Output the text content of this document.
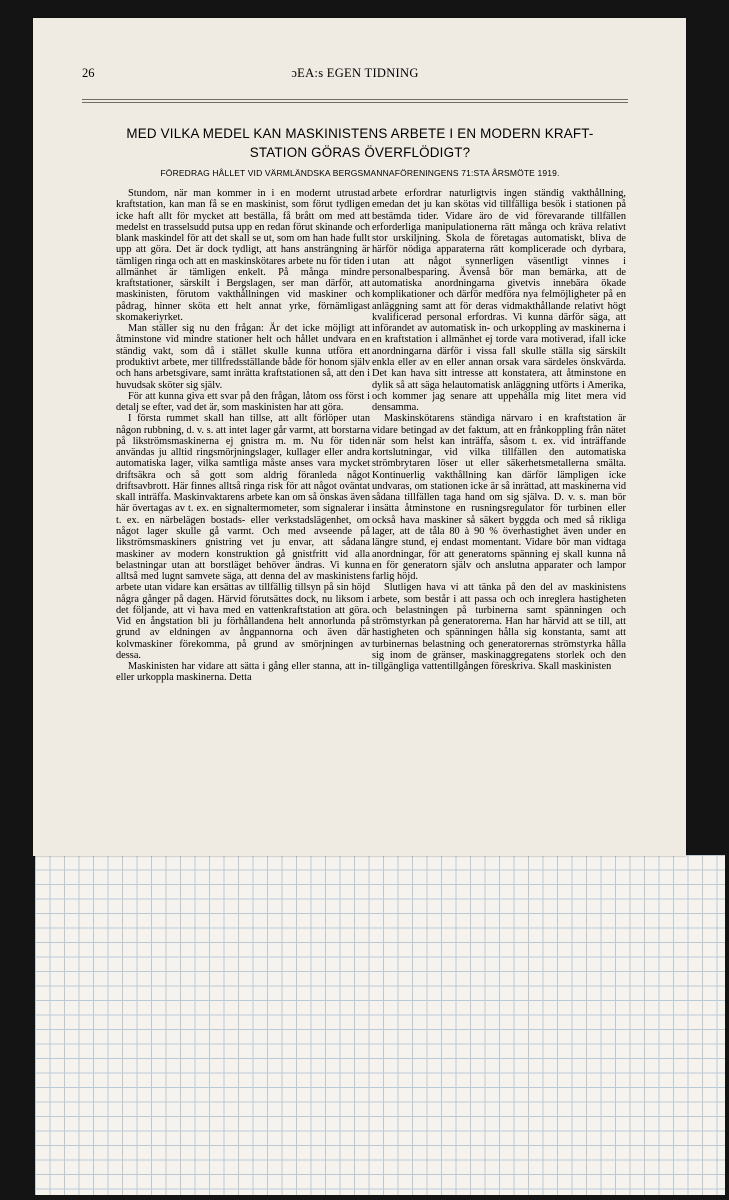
26	ɔEA:s EGEN TIDNING
MED VILKA MEDEL KAN MASKINISTENS ARBETE I EN MODERN KRAFT-
STATION GÖRAS ÖVERFLÖDIGT?
FÖREDRAG HÅLLET VID VÄRMLÄNDSKA BERGSMANNAFÖRENINGENS 71:STA ÅRSMÖTE 1919.

Stundom, när man kommer in i en modernt utrustad kraftstation, kan man få se en maskinist, som förut tydligen icke haft allt för mycket att beställa, få brått om med att medelst en trasselsudd putsa upp en redan förut skinande och blank maskindel för att det skall se ut, som om han hade fullt upp att göra. Det är dock tydligt, att hans ansträngning är tämligen ringa och att en maskinskötares arbete nu för tiden i allmänhet är tämligen enkelt. På många mindre kraftstationer, särskilt i Bergslagen, ser man därför, att maskinisten, förutom vakthållningen vid maskiner och pådrag, hinner sköta ett helt annat yrke, förnämligast skomakeriyrket.

Man ställer sig nu den frågan: Är det icke möjligt att åtminstone vid mindre stationer helt och hållet undvara en ständig vakt, som då i stället skulle kunna utföra ett produktivt arbete, mer tillfredsställande både för honom själv och hans arbetsgivare, samt inrätta kraftstationen så, att den i huvudsak sköter sig själv.

För att kunna giva ett svar på den frågan, låtom oss först i detalj se efter, vad det är, som maskinisten har att göra.

I första rummet skall han tillse, att allt förlöper utan någon rubbning, d. v. s. att intet lager går varmt, att borstarna på likströmsmaskinerna ej gnistra m. m. Nu för tiden användas ju alltid ringsmörjningslager, kullager eller andra automatiska lager, vilka samtliga måste anses vara mycket driftsäkra och så gott som aldrig föranleda något driftsavbrott. Här finnes alltså ringa risk för att något oväntat skall inträffa. Maskinvaktarens arbete kan om så önskas även här övertagas av t. ex. en signaltermometer, som signalerar i t. ex. en närbelägen bostads- eller verkstadslägenhet, om något lager skulle gå varmt. Och med avseende på likströmsmaskiners gnistring vet ju envar, att sådana maskiner av modern konstruktion gå gnistfritt vid alla belastningar utan att borstläget behöver ändras. Vi kunna alltså med lugnt samvete säga, att denna del av maskinistens arbete utan vidare kan ersättas av tillfällig tillsyn på sin höjd några gånger på dagen. Härvid förutsättes dock, nu liksom i det följande, att vi hava med en vattenkraftstation att göra. Vid en ångstation bli ju förhållandena helt annorlunda på grund av eldningen av ångpannorna och även där kolvmaskiner förekomma, på grund av smörjningen av dessa.

Maskinisten har vidare att sätta i gång eller stanna, att in- eller urkoppla maskinerna. Detta

arbete erfordrar naturligtvis ingen ständig vakthållning, emedan det ju kan skötas vid tillfälliga besök i stationen på bestämda tider. Vidare äro de vid förevarande tillfällen erforderliga manipulationerna rätt många och kräva relativt stor urskiljning. Skola de företagas automatiskt, bliva de härför nödiga apparaterna rätt komplicerade och dyrbara, utan att något synnerligen väsentligt vinnes i personalbesparing. Ävenså bör man bemärka, att de automatiska anordningarna givetvis innebära ökade komplikationer och därför medföra nya felmöjligheter på en anläggning samt att för deras vidmakthållande relativt högt kvalificerad personal erfordras. Vi kunna därför säga, att införandet av automatisk in- och urkoppling av maskinerna i en kraftstation i allmänhet ej torde vara motiverad, ifall icke anordningarna därför i vissa fall skulle ställa sig särskilt enkla eller av en eller annan orsak vara särdeles önskvärda. Det kan hava sitt intresse att konstatera, att åtminstone en dylik så att säga helautomatisk anläggning utförts i Amerika, och kommer jag senare att uppehålla mig litet mera vid densamma.

Maskinskötarens ständiga närvaro i en kraftstation är vidare betingad av det faktum, att en frånkoppling från nätet när som helst kan inträffa, såsom t. ex. vid inträffande kortslutningar, vid vilka tillfällen den automatiska strömbrytaren löser ut eller säkerhetsmetallerna smälta. Kontinuerlig vakthållning kan därför lämpligen icke undvaras, om stationen icke är så inrättad, att maskinerna vid sådana tillfällen taga hand om sig själva. D. v. s. man bör insätta åtminstone en rusningsregulator för turbinen eller också hava maskiner så säkert byggda och med så rikliga lager, att de tåla 80 à 90 % överhastighet även under en längre stund, ej endast momentant. Vidare bör man vidtaga anordningar, för att generatorns spänning ej skall kunna nå en för generatorn själv och anslutna apparater och lampor farlig höjd.

Slutligen hava vi att tänka på den del av maskinistens arbete, som består i att passa och och inreglera hastigheten och belastningen på turbinerna samt spänningen och strömstyrkan på generatorerna. Han har härvid att se till, att hastigheten och spänningen hålla sig konstanta, samt att turbinernas belastning och generatorernas strömstyrka hålla sig inom de gränser, maskinaggregatens storlek och den tillgängliga vattentillgången föreskriva. Skall maskinisten
